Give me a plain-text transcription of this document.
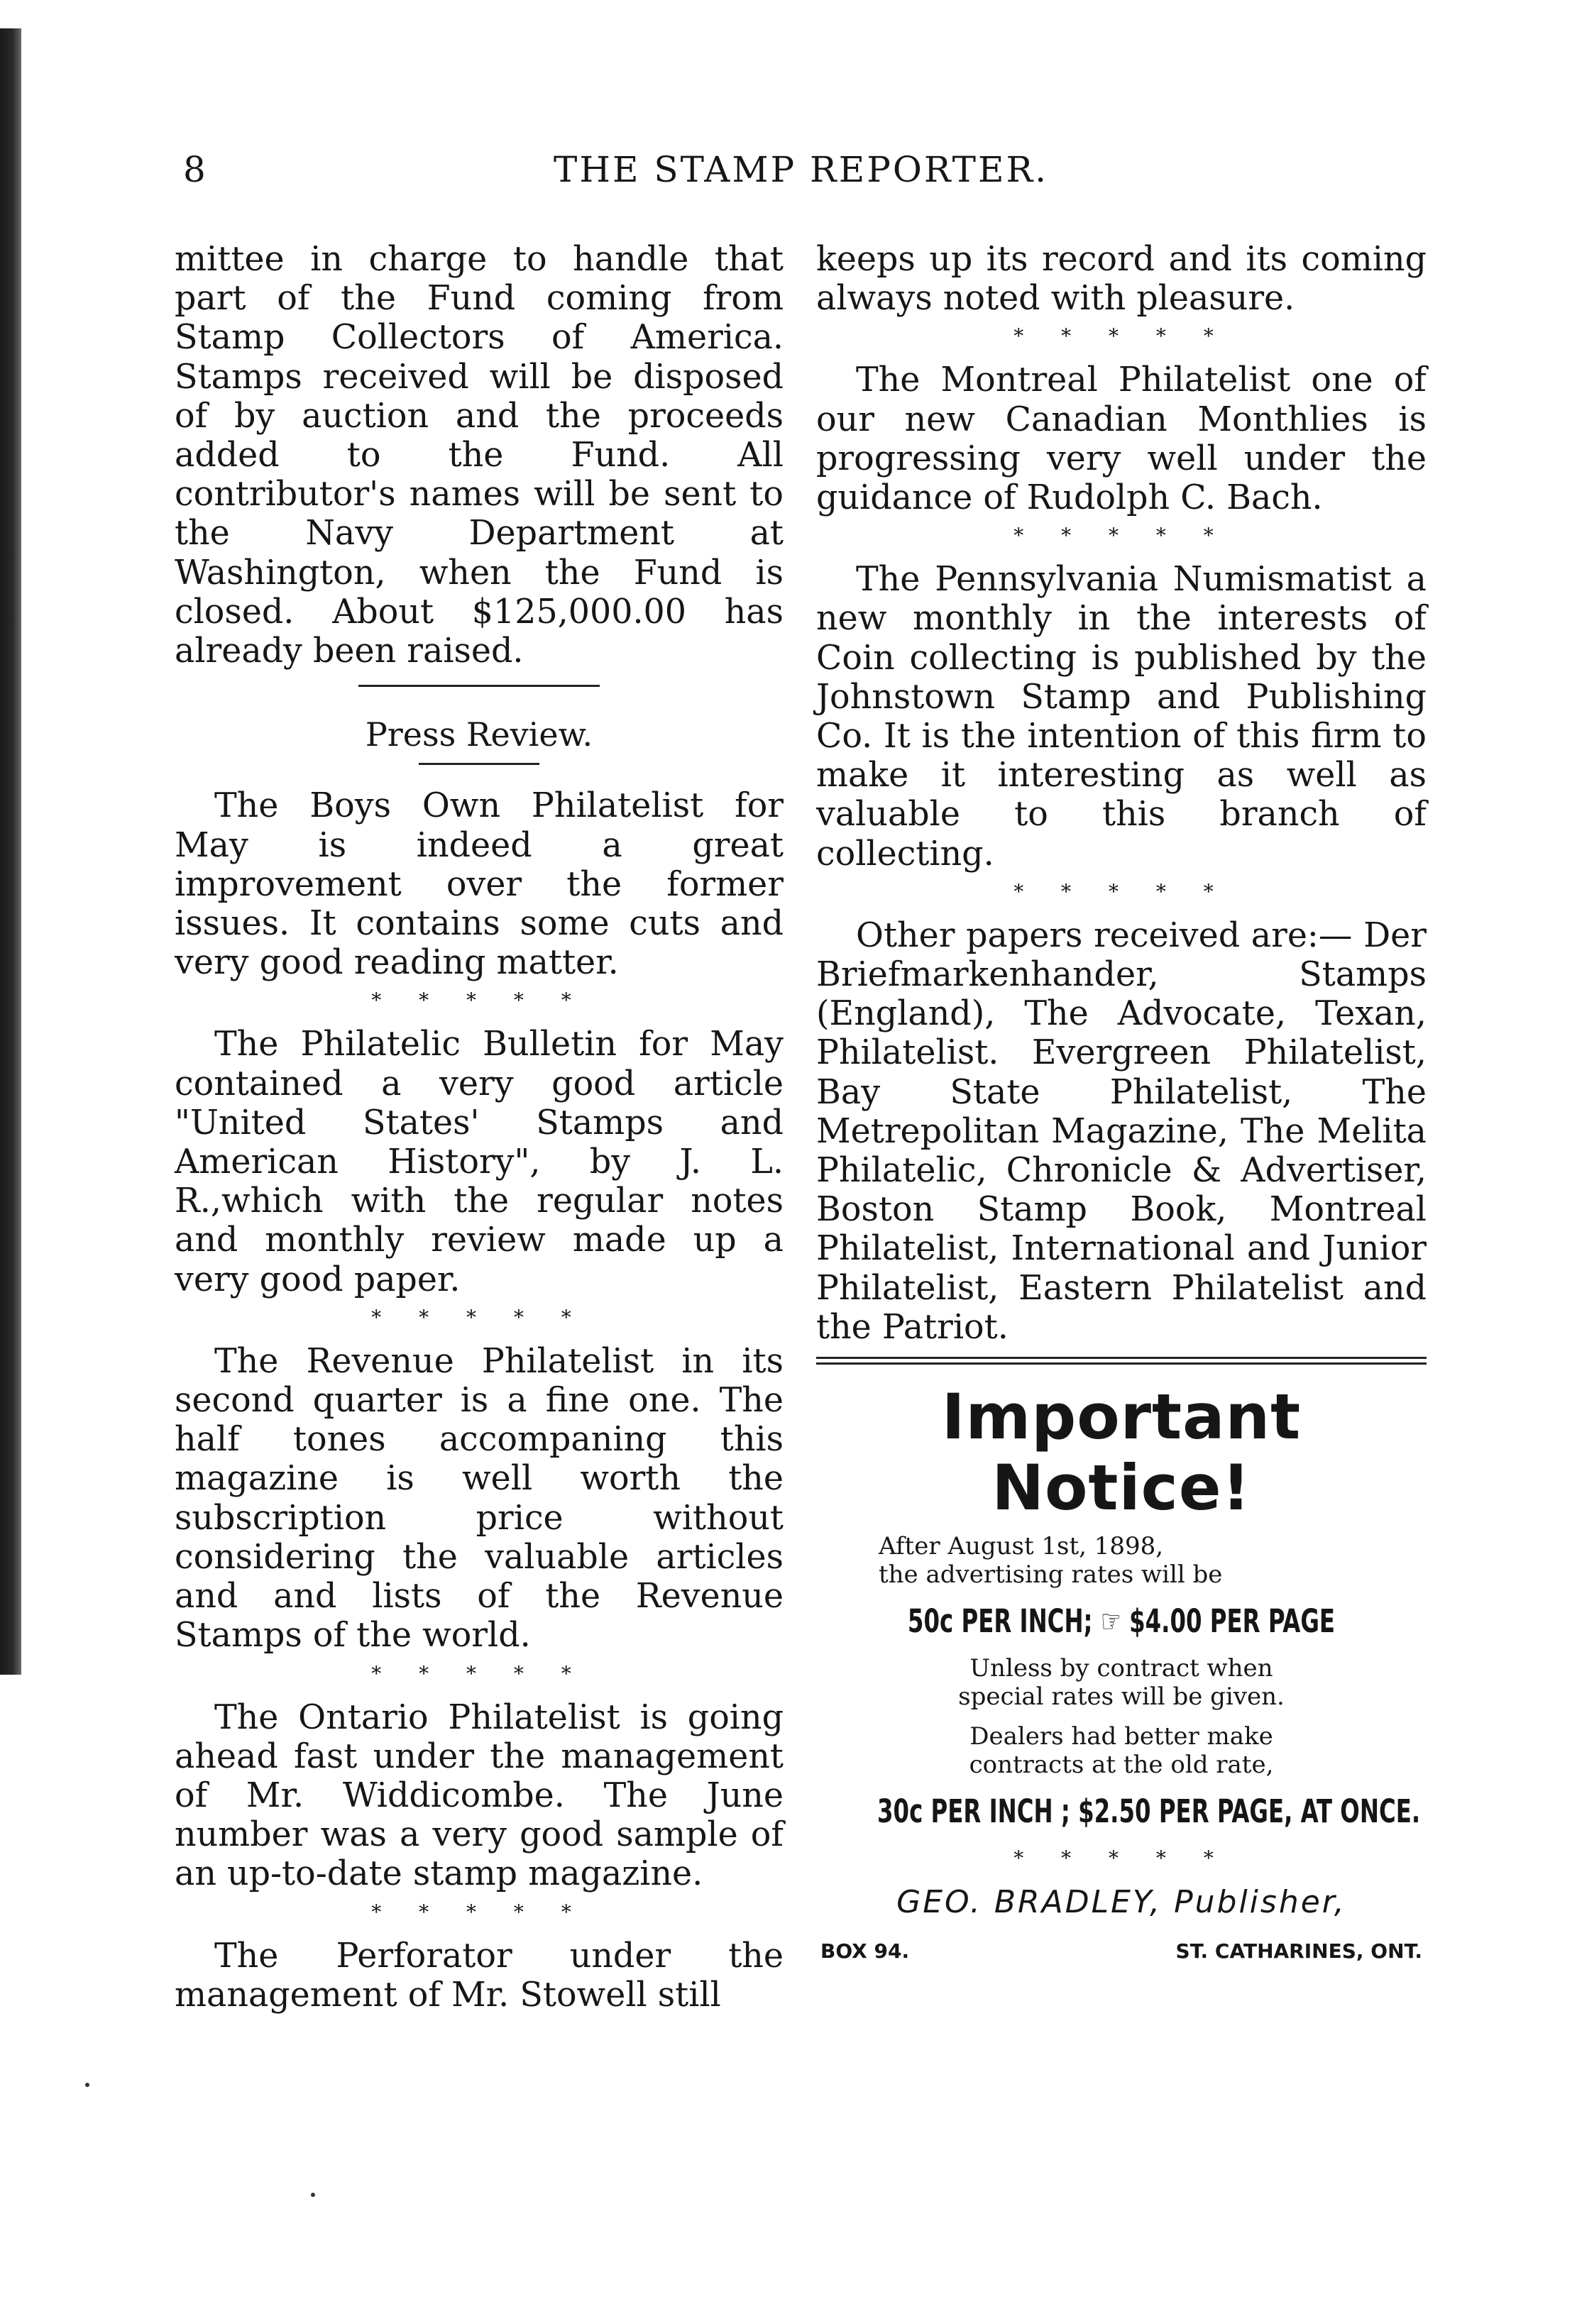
8	THE STAMP REPORTER.

mittee in charge to handle that part of the Fund coming from Stamp Collectors of America. Stamps received will be disposed of by auction and the proceeds added to the Fund. All contributor's names will be sent to the Navy Department at Washington, when the Fund is closed. About $125,000.00 has already been raised.

Press Review.

The Boys Own Philatelist for May is indeed a great improvement over the former issues. It contains some cuts and very good reading matter.

* * * * *

The Philatelic Bulletin for May contained a very good article "United States' Stamps and American History", by J. L. R.,which with the regular notes and monthly review made up a very good paper.

* * * * *

The Revenue Philatelist in its second quarter is a fine one. The half tones accompaning this magazine is well worth the subscription price without considering the valuable articles and and lists of the Revenue Stamps of the world.

* * * * *

The Ontario Philatelist is going ahead fast under the management of Mr. Widdicombe. The June number was a very good sample of an up-to-date stamp magazine.

* * * * *

The Perforator under the management of Mr. Stowell still

keeps up its record and its coming always noted with pleasure.

* * * * *

The Montreal Philatelist one of our new Canadian Monthlies is progressing very well under the guidance of Rudolph C. Bach.

* * * * *

The Pennsylvania Numismatist a new monthly in the interests of Coin collecting is published by the Johnstown Stamp and Publishing Co. It is the intention of this firm to make it interesting as well as valuable to this branch of collecting.

* * * * *

Other papers received are:— Der Briefmarkenhander, Stamps (England), The Advocate, Texan, Philatelist. Evergreen Philatelist, Bay State Philatelist, The Metrepolitan Magazine, The Melita Philatelic, Chronicle & Advertiser, Boston Stamp Book, Montreal Philatelist, International and Junior Philatelist, Eastern Philatelist and the Patriot.

Important Notice!
After August 1st, 1898,
the advertising rates will be
50c PER INCH; ☞ $4.00 PER PAGE
Unless by contract when
special rates will be given.
Dealers had better make
contracts at the old rate,
30c PER INCH ; $2.50 PER PAGE, AT ONCE.
* * * * *
GEO. BRADLEY, Publisher,
BOX 94.	ST. CATHARINES, ONT.
